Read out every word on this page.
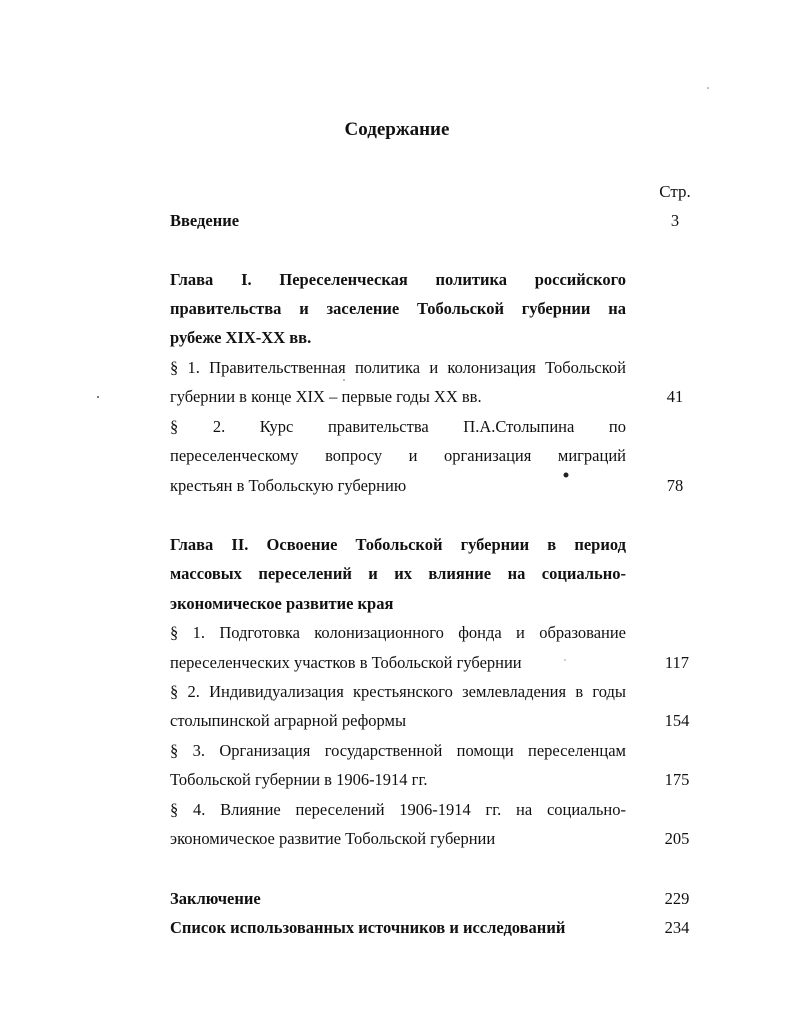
Содержание
Стр.
Введение	3
Глава I. Переселенческая политика российского
правительства и заселение Тобольской губернии на
рубеже XIX-XX вв.
§ 1. Правительственная политика и колонизация Тобольской
губернии в конце XIX – первые годы XX вв.	41
§ 2. Курс правительства П.А.Столыпина по
переселенческому вопросу и организация миграций
крестьян в Тобольскую губернию	78
Глава II. Освоение Тобольской губернии в период
массовых переселений и их влияние на социально-
экономическое развитие края
§ 1. Подготовка колонизационного фонда и образование
переселенческих участков в Тобольской губернии	117
§ 2. Индивидуализация крестьянского землевладения в годы
столыпинской аграрной реформы	154
§ 3. Организация государственной помощи переселенцам
Тобольской губернии в 1906-1914 гг.	175
§ 4. Влияние переселений 1906-1914 гг. на социально-
экономическое развитие Тобольской губернии	205
Заключение	229
Список использованных источников и исследований	234
